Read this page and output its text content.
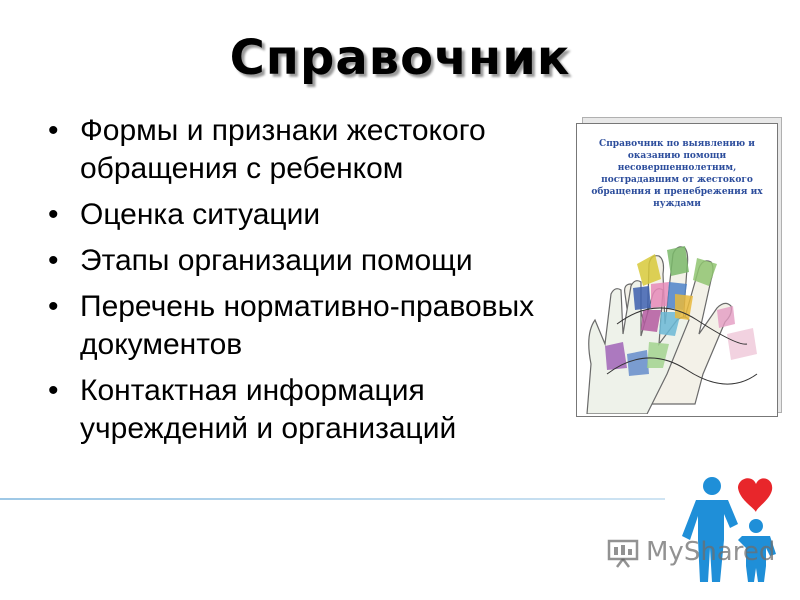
Справочник
• Формы и признаки жестокого обращения с ребенком
• Оценка ситуации
• Этапы организации помощи
• Перечень нормативно-правовых документов
• Контактная информация учреждений и организаций
Справочник по выявлению и оказанию помощи несовершеннолетним, пострадавшим от жестокого обращения и пренебрежения их нуждами
MyShared
